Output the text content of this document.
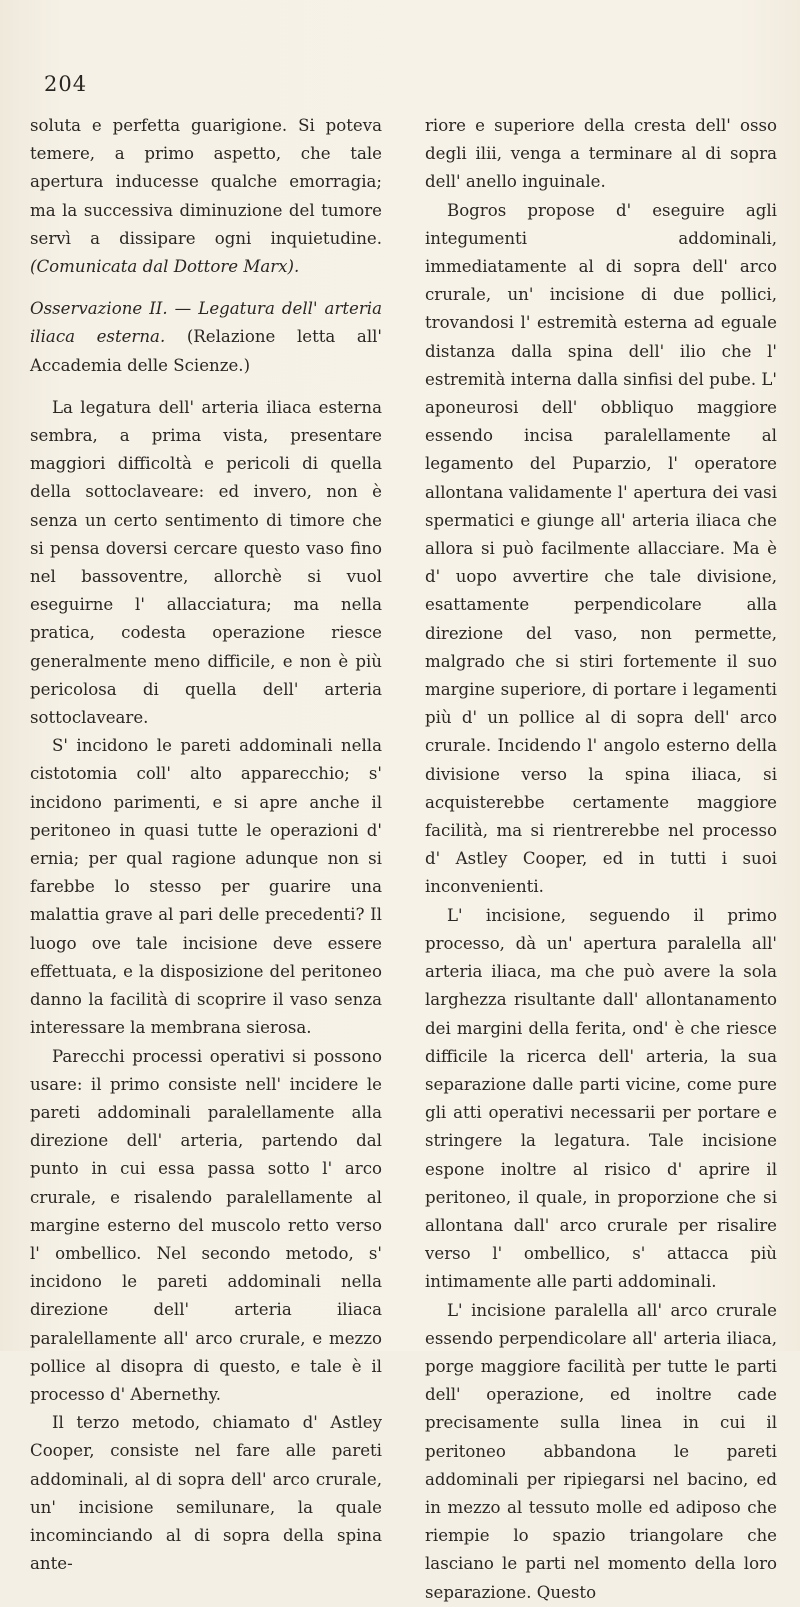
204

soluta e perfetta guarigione. Si poteva temere, a primo aspetto, che tale apertura inducesse qualche emorragia; ma la successiva diminuzione del tumore servì a dissipare ogni inquietudine. (Comunicata dal Dottore Marx).

Osservazione II. — Legatura dell' arteria iliaca esterna. (Relazione letta all' Accademia delle Scienze.)

La legatura dell' arteria iliaca esterna sembra, a prima vista, presentare maggiori difficoltà e pericoli di quella della sottoclaveare: ed invero, non è senza un certo sentimento di timore che si pensa doversi cercare questo vaso fino nel bassoventre, allorchè si vuol eseguirne l' allacciatura; ma nella pratica, codesta operazione riesce generalmente meno difficile, e non è più pericolosa di quella dell' arteria sottoclaveare.

S' incidono le pareti addominali nella cistotomia coll' alto apparecchio; s' incidono parimenti, e si apre anche il peritoneo in quasi tutte le operazioni d' ernia; per qual ragione adunque non si farebbe lo stesso per guarire una malattia grave al pari delle precedenti? Il luogo ove tale incisione deve essere effettuata, e la disposizione del peritoneo danno la facilità di scoprire il vaso senza interessare la membrana sierosa.

Parecchi processi operativi si possono usare: il primo consiste nell' incidere le pareti addominali paralellamente alla direzione dell' arteria, partendo dal punto in cui essa passa sotto l' arco crurale, e risalendo paralellamente al margine esterno del muscolo retto verso l' ombellico. Nel secondo metodo, s' incidono le pareti addominali nella direzione dell' arteria iliaca paralellamente all' arco crurale, e mezzo pollice al disopra di questo, e tale è il processo d' Abernethy.

Il terzo metodo, chiamato d' Astley Cooper, consiste nel fare alle pareti addominali, al di sopra dell' arco crurale, un' incisione semilunare, la quale incominciando al di sopra della spina ante-

riore e superiore della cresta dell' osso degli ilii, venga a terminare al di sopra dell' anello inguinale.

Bogros propose d' eseguire agli integumenti addominali, immediatamente al di sopra dell' arco crurale, un' incisione di due pollici, trovandosi l' estremità esterna ad eguale distanza dalla spina dell' ilio che l' estremità interna dalla sinfisi del pube. L' aponeurosi dell' obbliquo maggiore essendo incisa paralellamente al legamento del Puparzio, l' operatore allontana validamente l' apertura dei vasi spermatici e giunge all' arteria iliaca che allora si può facilmente allacciare. Ma è d' uopo avvertire che tale divisione, esattamente perpendicolare alla direzione del vaso, non permette, malgrado che si stiri fortemente il suo margine superiore, di portare i legamenti più d' un pollice al di sopra dell' arco crurale. Incidendo l' angolo esterno della divisione verso la spina iliaca, si acquisterebbe certamente maggiore facilità, ma si rientrerebbe nel processo d' Astley Cooper, ed in tutti i suoi inconvenienti.

L' incisione, seguendo il primo processo, dà un' apertura paralella all' arteria iliaca, ma che può avere la sola larghezza risultante dall' allontanamento dei margini della ferita, ond' è che riesce difficile la ricerca dell' arteria, la sua separazione dalle parti vicine, come pure gli atti operativi necessarii per portare e stringere la legatura. Tale incisione espone inoltre al risico d' aprire il peritoneo, il quale, in proporzione che si allontana dall' arco crurale per risalire verso l' ombellico, s' attacca più intimamente alle parti addominali.

L' incisione paralella all' arco crurale essendo perpendicolare all' arteria iliaca, porge maggiore facilità per tutte le parti dell' operazione, ed inoltre cade precisamente sulla linea in cui il peritoneo abbandona le pareti addominali per ripiegarsi nel bacino, ed in mezzo al tessuto molle ed adiposo che riempie lo spazio triangolare che lasciano le parti nel momento della loro separazione. Questo
